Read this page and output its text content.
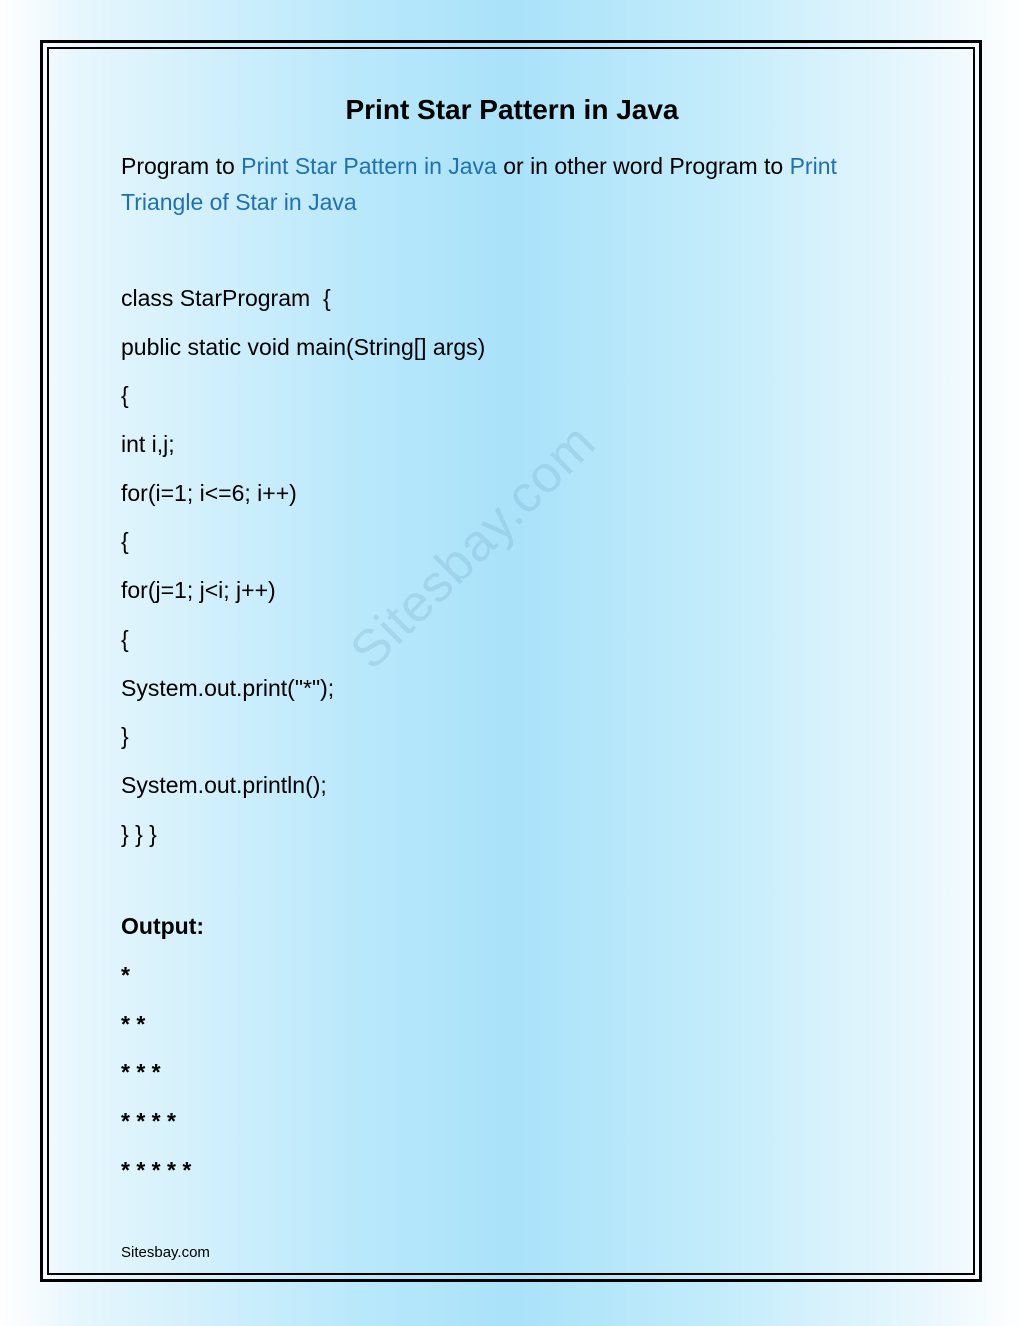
Sitesbay.com
Print Star Pattern in Java
Program to Print Star Pattern in Java or in other word Program to Print Triangle of Star in Java
class StarProgram  {
public static void main(String[] args)
{
int i,j;
for(i=1; i<=6; i++)
{
for(j=1; j<i; j++)
{
System.out.print("*");
}
System.out.println();
} } }
Output:
*
* *
* * *
* * * *
* * * * *
Sitesbay.com
